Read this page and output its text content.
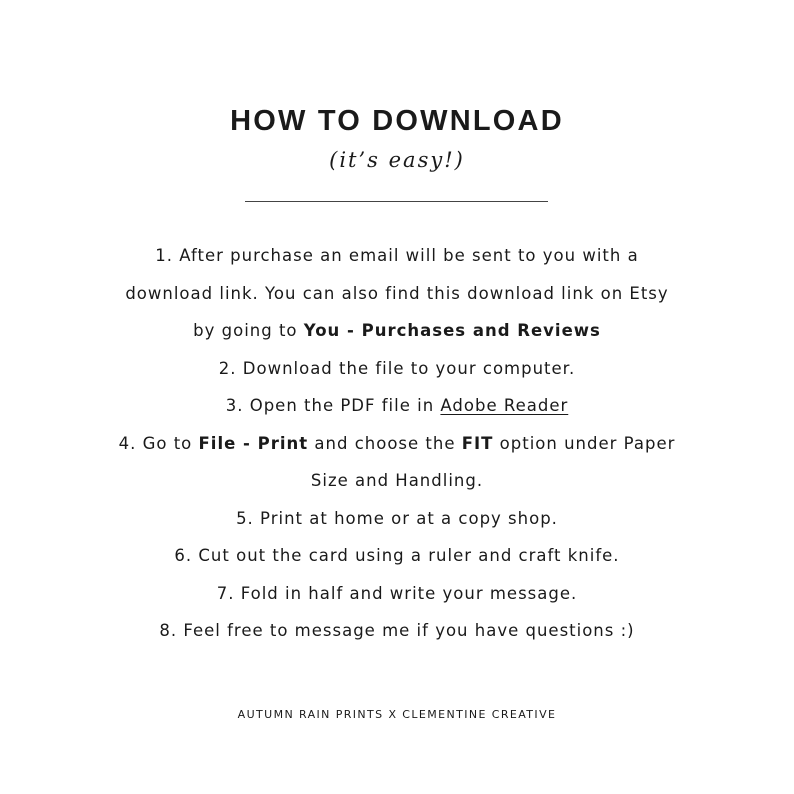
HOW TO DOWNLOAD
(it’s easy!)
1. After purchase an email will be sent to you with a
download link. You can also find this download link on Etsy
by going to You - Purchases and Reviews
2. Download the file to your computer.
3. Open the PDF file in Adobe Reader
4. Go to File - Print and choose the FIT option under Paper
Size and Handling.
5. Print at home or at a copy shop.
6. Cut out the card using a ruler and craft knife.
7. Fold in half and write your message.
8. Feel free to message me if you have questions :)
AUTUMN RAIN PRINTS X CLEMENTINE CREATIVE
